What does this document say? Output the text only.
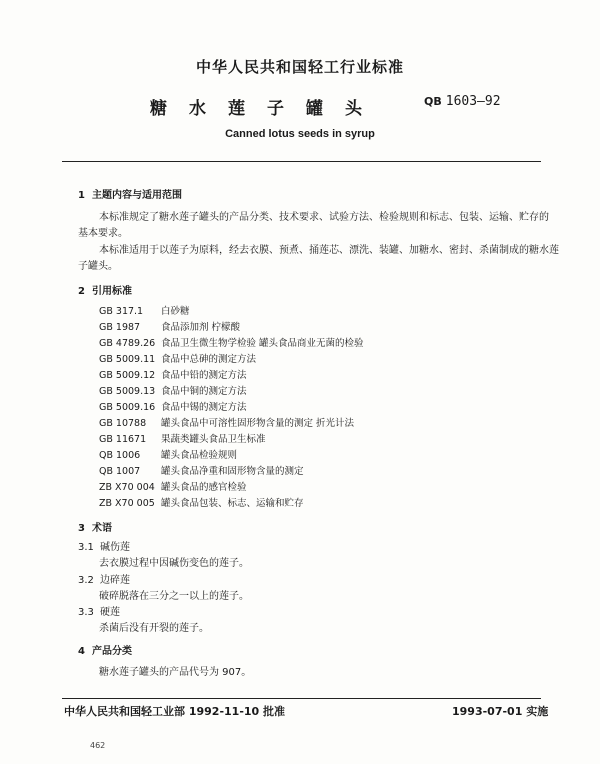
中华人民共和国轻工行业标准
糖水莲子罐头	QB 1603—92
Canned lotus seeds in syrup
1 主题内容与适用范围
本标准规定了糖水莲子罐头的产品分类、技术要求、试验方法、检验规则和标志、包装、运输、贮存的
基本要求。
本标准适用于以莲子为原料，经去衣膜、预煮、捅莲芯、漂洗、装罐、加糖水、密封、杀菌制成的糖水莲
子罐头。
2 引用标准
GB 317.1 白砂糖
GB 1987 食品添加剂 柠檬酸
GB 4789.26 食品卫生微生物学检验 罐头食品商业无菌的检验
GB 5009.11 食品中总砷的测定方法
GB 5009.12 食品中铅的测定方法
GB 5009.13 食品中铜的测定方法
GB 5009.16 食品中锡的测定方法
GB 10788 罐头食品中可溶性固形物含量的测定 折光计法
GB 11671 果蔬类罐头食品卫生标准
QB 1006 罐头食品检验规则
QB 1007 罐头食品净重和固形物含量的测定
ZB X70 004 罐头食品的感官检验
ZB X70 005 罐头食品包装、标志、运输和贮存
3 术语
3.1 碱伤莲
去衣膜过程中因碱伤变色的莲子。
3.2 边碎莲
破碎脱落在三分之一以上的莲子。
3.3 硬莲
杀菌后没有开裂的莲子。
4 产品分类
糖水莲子罐头的产品代号为 907。
中华人民共和国轻工业部 1992-11-10 批准	1993-07-01 实施
462
